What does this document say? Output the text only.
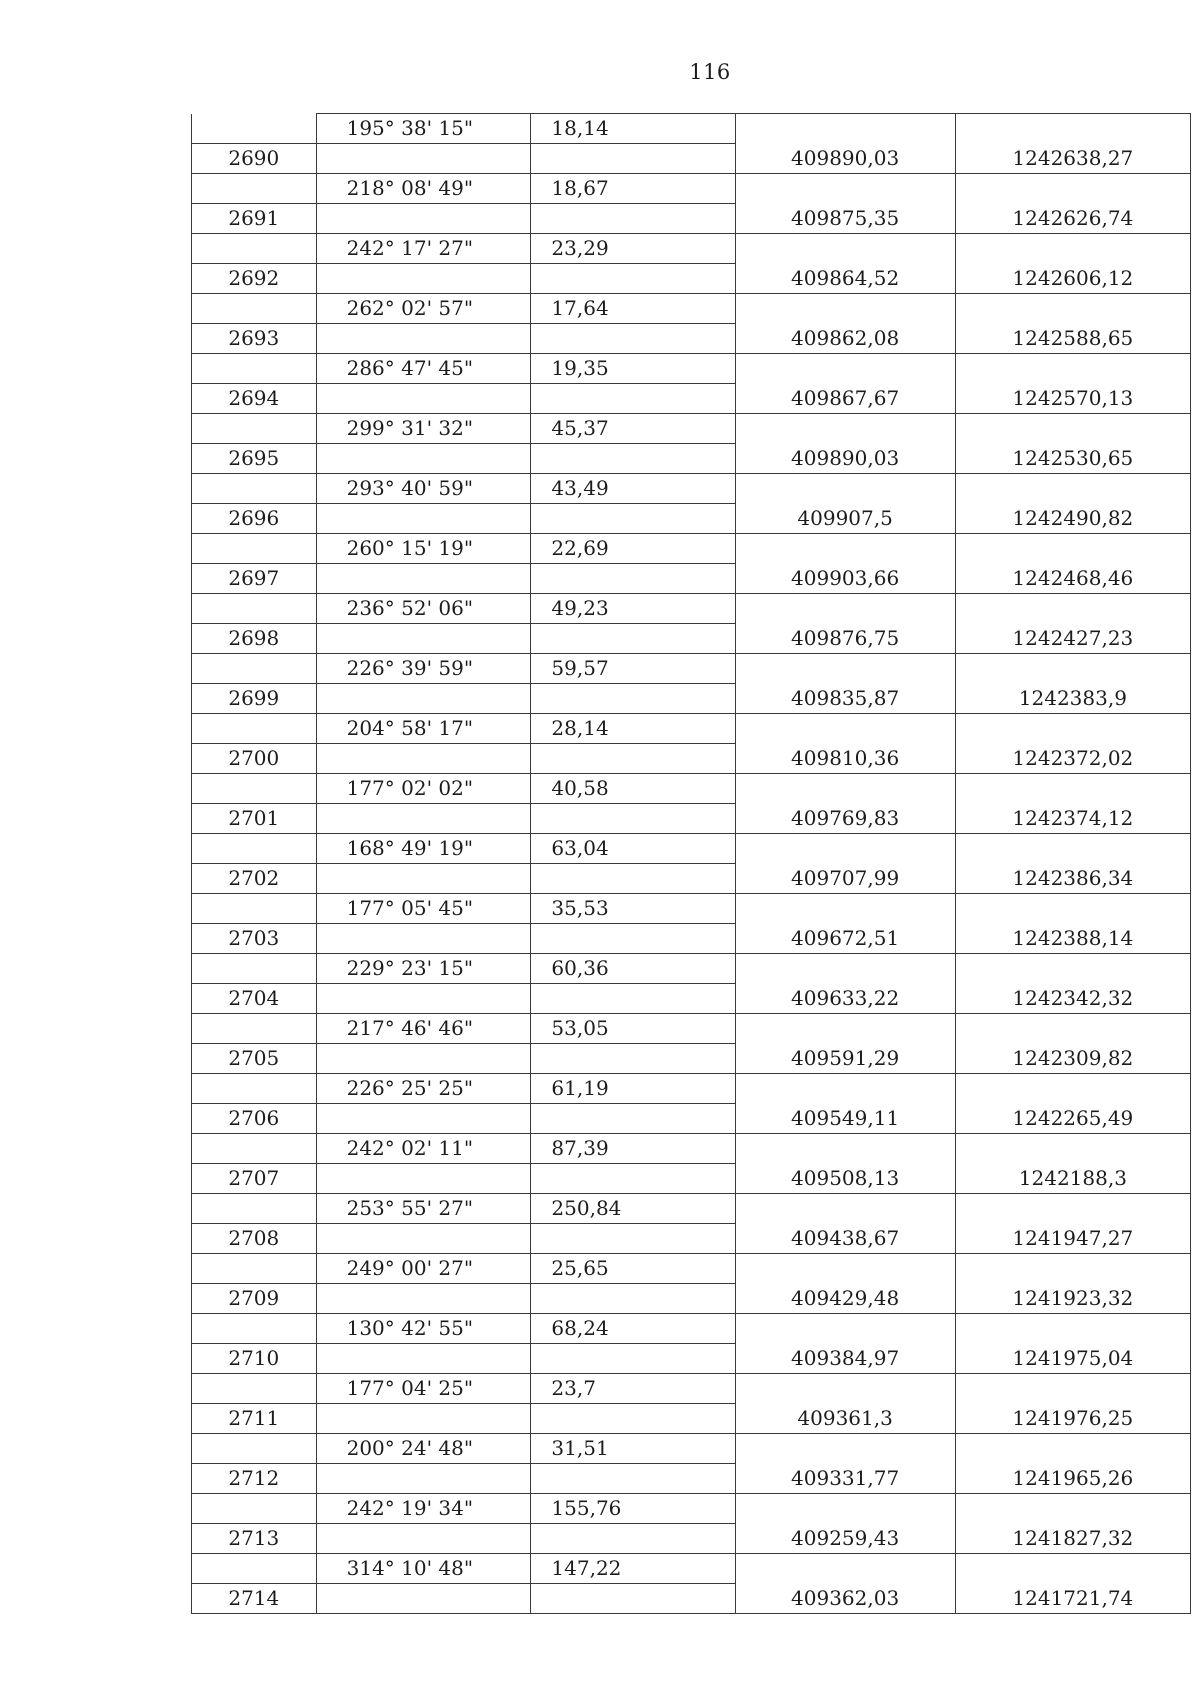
116
	195° 38' 15"	18,14		
2690			409890,03	1242638,27
	218° 08' 49"	18,67		
2691			409875,35	1242626,74
	242° 17' 27"	23,29		
2692			409864,52	1242606,12
	262° 02' 57"	17,64		
2693			409862,08	1242588,65
	286° 47' 45"	19,35		
2694			409867,67	1242570,13
	299° 31' 32"	45,37		
2695			409890,03	1242530,65
	293° 40' 59"	43,49		
2696			409907,5	1242490,82
	260° 15' 19"	22,69		
2697			409903,66	1242468,46
	236° 52' 06"	49,23		
2698			409876,75	1242427,23
	226° 39' 59"	59,57		
2699			409835,87	1242383,9
	204° 58' 17"	28,14		
2700			409810,36	1242372,02
	177° 02' 02"	40,58		
2701			409769,83	1242374,12
	168° 49' 19"	63,04		
2702			409707,99	1242386,34
	177° 05' 45"	35,53		
2703			409672,51	1242388,14
	229° 23' 15"	60,36		
2704			409633,22	1242342,32
	217° 46' 46"	53,05		
2705			409591,29	1242309,82
	226° 25' 25"	61,19		
2706			409549,11	1242265,49
	242° 02' 11"	87,39		
2707			409508,13	1242188,3
	253° 55' 27"	250,84		
2708			409438,67	1241947,27
	249° 00' 27"	25,65		
2709			409429,48	1241923,32
	130° 42' 55"	68,24		
2710			409384,97	1241975,04
	177° 04' 25"	23,7		
2711			409361,3	1241976,25
	200° 24' 48"	31,51		
2712			409331,77	1241965,26
	242° 19' 34"	155,76		
2713			409259,43	1241827,32
	314° 10' 48"	147,22		
2714			409362,03	1241721,74
